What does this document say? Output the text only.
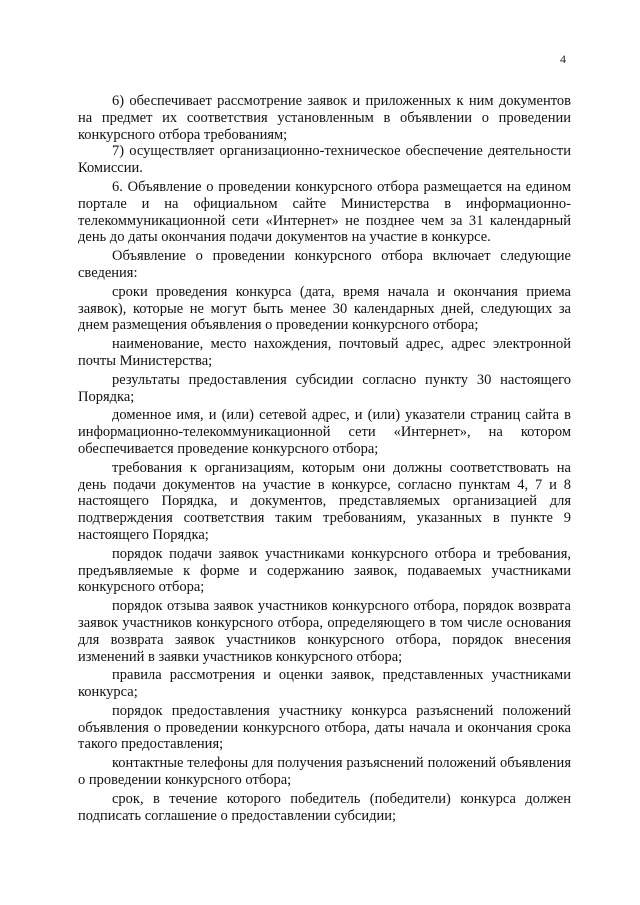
4

6) обеспечивает рассмотрение заявок и приложенных к ним документов на предмет их соответствия установленным в объявлении о проведении конкурсного отбора требованиям;

7) осуществляет организационно-техническое обеспечение деятельности Комиссии.

6. Объявление о проведении конкурсного отбора размещается на едином портале и на официальном сайте Министерства в информационно-телекоммуникационной сети «Интернет» не позднее чем за 31 календарный день до даты окончания подачи документов на участие в конкурсе.

Объявление о проведении конкурсного отбора включает следующие сведения:

сроки проведения конкурса (дата, время начала и окончания приема заявок), которые не могут быть менее 30 календарных дней, следующих за днем размещения объявления о проведении конкурсного отбора;

наименование, место нахождения, почтовый адрес, адрес электронной почты Министерства;

результаты предоставления субсидии согласно пункту 30 настоящего Порядка;

доменное имя, и (или) сетевой адрес, и (или) указатели страниц сайта в информационно-телекоммуникационной сети «Интернет», на котором обеспечивается проведение конкурсного отбора;

требования к организациям, которым они должны соответствовать на день подачи документов на участие в конкурсе, согласно пунктам 4, 7 и 8 настоящего Порядка, и документов, представляемых организацией для подтверждения соответствия таким требованиям, указанных в пункте 9 настоящего Порядка;

порядок подачи заявок участниками конкурсного отбора и требования, предъявляемые к форме и содержанию заявок, подаваемых участниками конкурсного отбора;

порядок отзыва заявок участников конкурсного отбора, порядок возврата заявок участников конкурсного отбора, определяющего в том числе основания для возврата заявок участников конкурсного отбора, порядок внесения изменений в заявки участников конкурсного отбора;

правила рассмотрения и оценки заявок, представленных участниками конкурса;

порядок предоставления участнику конкурса разъяснений положений объявления о проведении конкурсного отбора, даты начала и окончания срока такого предоставления;

контактные телефоны для получения разъяснений положений объявления о проведении конкурсного отбора;

срок, в течение которого победитель (победители) конкурса должен подписать соглашение о предоставлении субсидии;
